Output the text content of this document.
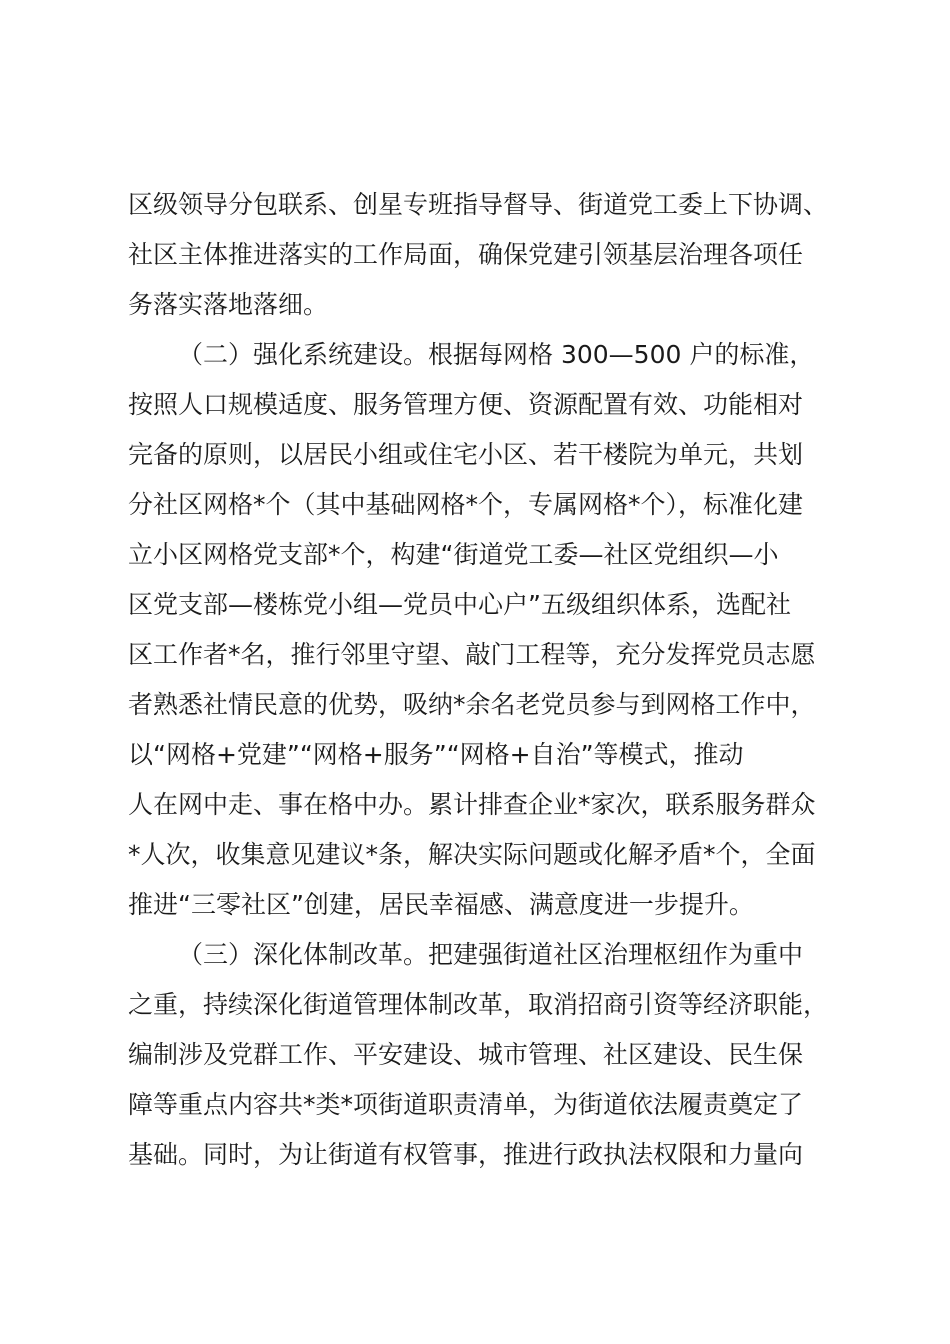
区级领导分包联系、创星专班指导督导、街道党工委上下协调、
社区主体推进落实的工作局面，确保党建引领基层治理各项任
务落实落地落细。
（二）强化系统建设。根据每网格 300—500 户的标准，
按照人口规模适度、服务管理方便、资源配置有效、功能相对
完备的原则，以居民小组或住宅小区、若干楼院为单元，共划
分社区网格*个（其中基础网格*个，专属网格*个），标准化建
立小区网格党支部*个，构建“街道党工委—社区党组织—小
区党支部—楼栋党小组—党员中心户”五级组织体系，选配社
区工作者*名，推行邻里守望、敲门工程等，充分发挥党员志愿
者熟悉社情民意的优势，吸纳*余名老党员参与到网格工作中，
以“网格+党建”“网格+服务”“网格+自治”等模式，推动
人在网中走、事在格中办。累计排查企业*家次，联系服务群众
*人次，收集意见建议*条，解决实际问题或化解矛盾*个，全面
推进“三零社区”创建，居民幸福感、满意度进一步提升。
（三）深化体制改革。把建强街道社区治理枢纽作为重中
之重，持续深化街道管理体制改革，取消招商引资等经济职能，
编制涉及党群工作、平安建设、城市管理、社区建设、民生保
障等重点内容共*类*项街道职责清单，为街道依法履责奠定了
基础。同时，为让街道有权管事，推进行政执法权限和力量向
